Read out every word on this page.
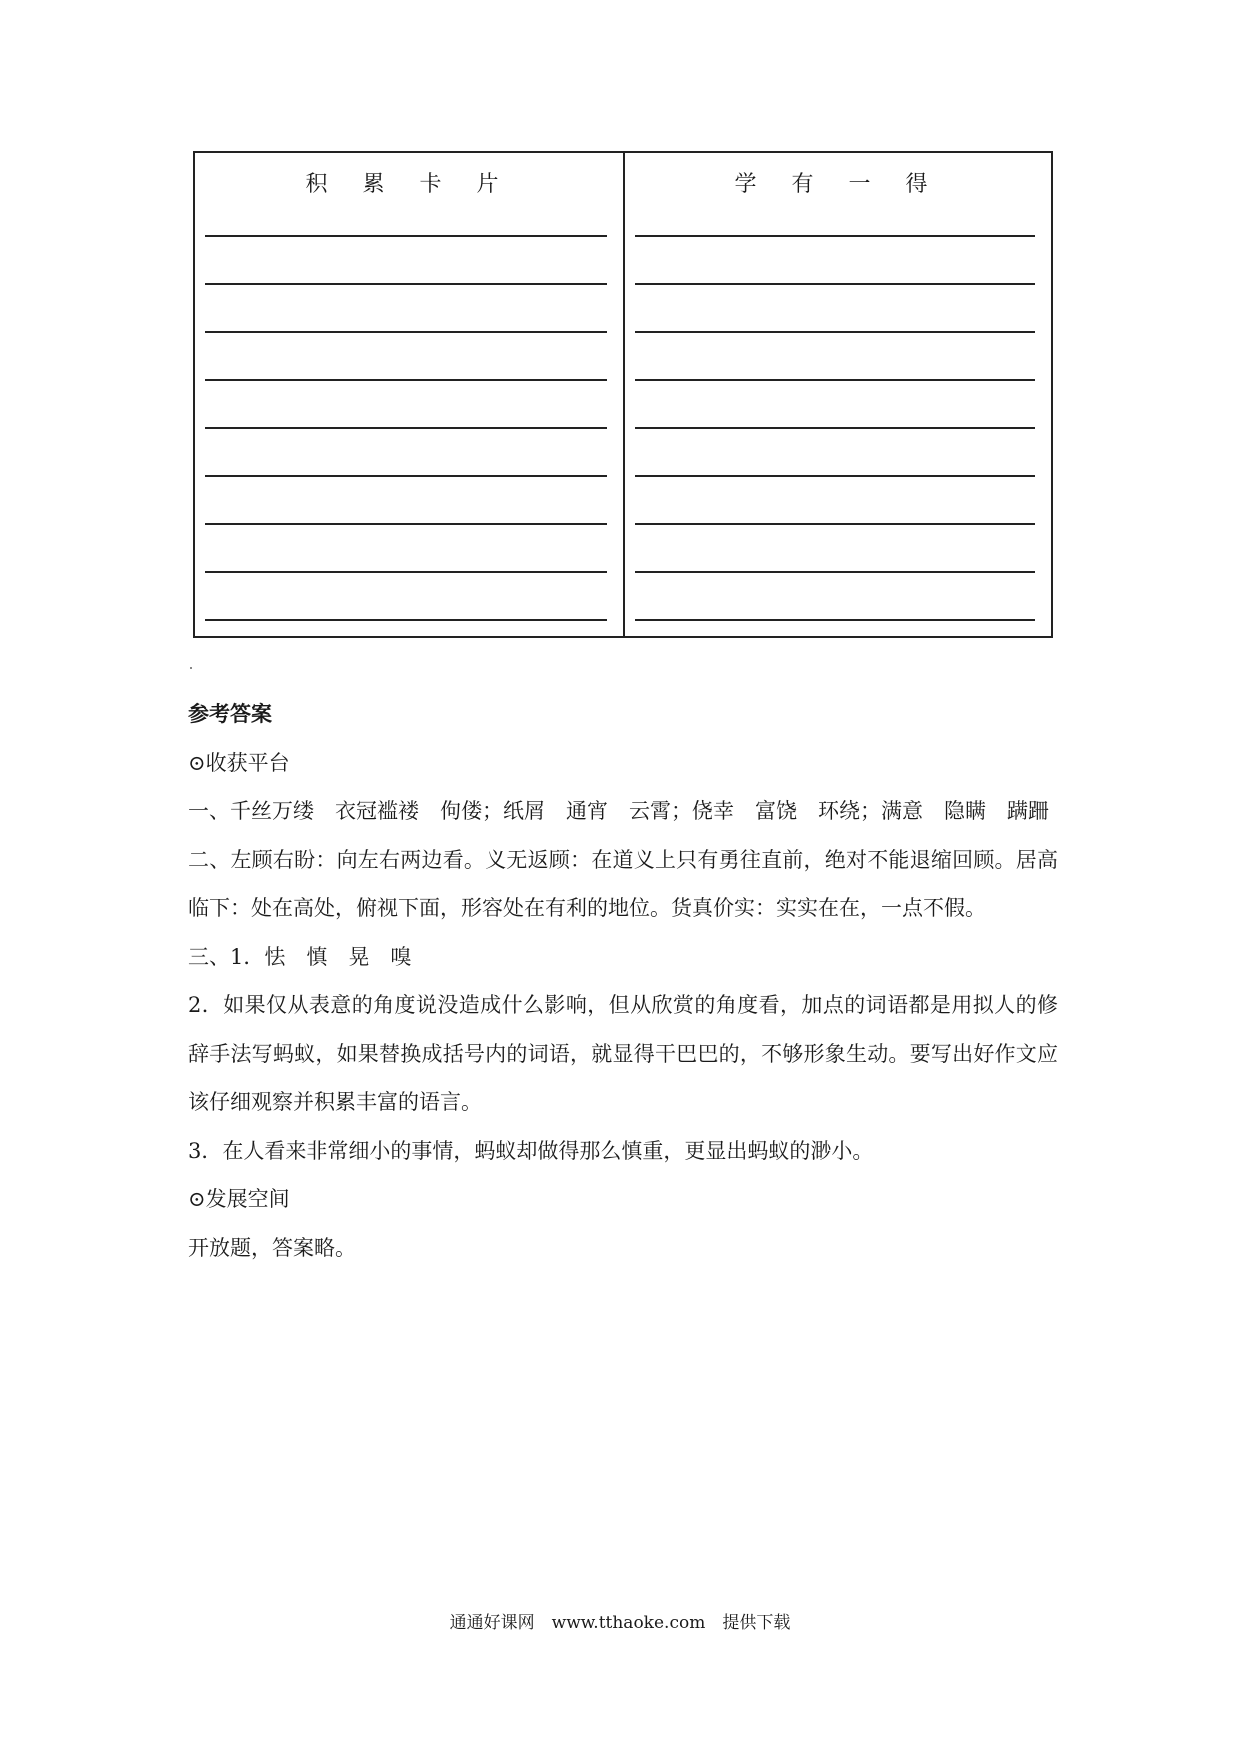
积 累 卡 片	学 有 一 得

参考答案

⊙收获平台

一、千丝万缕　衣冠褴褛　佝偻；纸屑　通宵　云霄；侥幸　富饶　环绕；满意　隐瞒　蹒跚

二、左顾右盼：向左右两边看。义无返顾：在道义上只有勇往直前，绝对不能退缩回顾。居高临下：处在高处，俯视下面，形容处在有利的地位。货真价实：实实在在，一点不假。

三、1．怯　慎　晃　嗅

2．如果仅从表意的角度说没造成什么影响，但从欣赏的角度看，加点的词语都是用拟人的修辞手法写蚂蚁，如果替换成括号内的词语，就显得干巴巴的，不够形象生动。要写出好作文应该仔细观察并积累丰富的语言。

3．在人看来非常细小的事情，蚂蚁却做得那么慎重，更显出蚂蚁的渺小。

⊙发展空间

开放题，答案略。

通通好课网　www.tthaoke.com　提供下载
